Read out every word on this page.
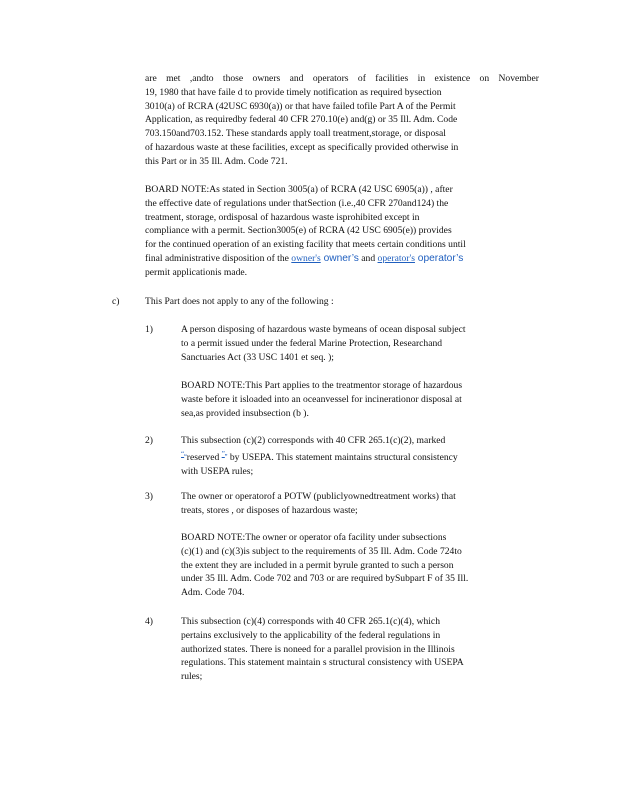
are met ,andto those owners and operators of facilities in existence on November
19, 1980 that have faile d to provide timely notification as required bysection
3010(a) of RCRA (42USC 6930(a)) or that have failed tofile Part A of the Permit
Application, as requiredby federal 40 CFR 270.10(e) and(g) or 35 Ill. Adm. Code
703.150and703.152. These standards apply toall treatment,storage, or disposal
of hazardous waste at these facilities, except as specifically provided otherwise in
this Part or in 35 Ill. Adm. Code 721.
BOARD NOTE:As stated in Section 3005(a) of RCRA (42 USC 6905(a)) , after
the effective date of regulations under thatSection (i.e.,40 CFR 270and124) the
treatment, storage, ordisposal of hazardous waste isprohibited except in
compliance with a permit. Section3005(e) of RCRA (42 USC 6905(e)) provides
for the continued operation of an existing facility that meets certain conditions until
final administrative disposition of the owner's owner’s and operator's operator’s
permit applicationis made.
c)	This Part does not apply to any of the following :
1)	A person disposing of hazardous waste bymeans of ocean disposal subject
to a permit issued under the federal Marine Protection, Researchand
Sanctuaries Act (33 USC 1401 et seq. );
BOARD NOTE:This Part applies to the treatmentor storage of hazardous
waste before it isloaded into an oceanvessel for incinerationor disposal at
sea,as provided insubsection (b ).
2)	This subsection (c)(2) corresponds with 40 CFR 265.1(c)(2), marked
““reserved ”” by USEPA. This statement maintains structural consistency
with USEPA rules;
3)	The owner or operatorof a POTW (publiclyownedtreatment works) that
treats, stores , or disposes of hazardous waste;
BOARD NOTE:The owner or operator ofa facility under subsections
(c)(1) and (c)(3)is subject to the requirements of 35 Ill. Adm. Code 724to
the extent they are included in a permit byrule granted to such a person
under 35 Ill. Adm. Code 702 and 703 or are required bySubpart F of 35 Ill.
Adm. Code 704.
4)	This subsection (c)(4) corresponds with 40 CFR 265.1(c)(4), which
pertains exclusively to the applicability of the federal regulations in
authorized states. There is noneed for a parallel provision in the Illinois
regulations. This statement maintain s structural consistency with USEPA
rules;
